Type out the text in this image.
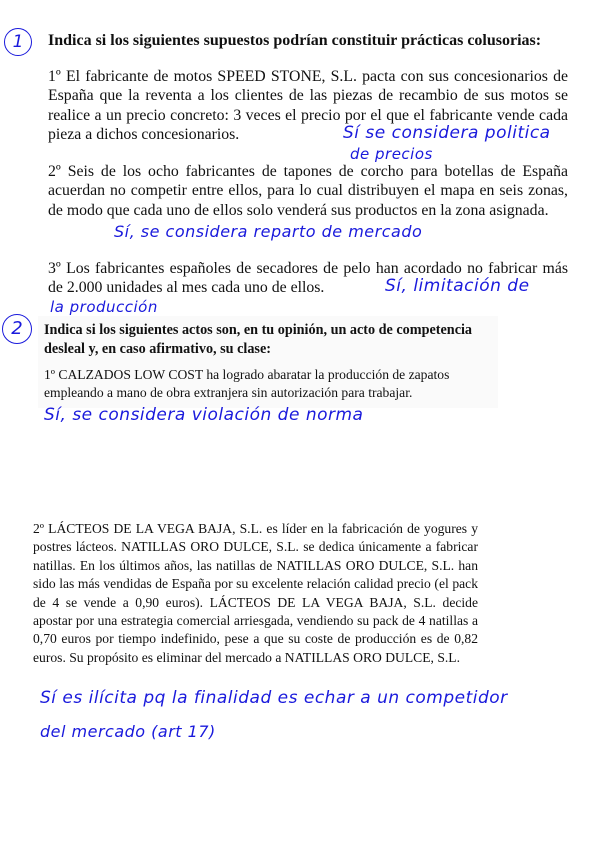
1	Indica si los siguientes supuestos podrían constituir prácticas colusorias:

1º El fabricante de motos SPEED STONE, S.L. pacta con sus concesionarios de España que la reventa a los clientes de las piezas de recambio de sus motos se realice a un precio concreto: 3 veces el precio por el que el fabricante vende cada pieza a dichos concesionarios.	Sí se considera politica
de precios

2º Seis de los ocho fabricantes de tapones de corcho para botellas de España acuerdan no competir entre ellos, para lo cual distribuyen el mapa en seis zonas, de modo que cada uno de ellos solo venderá sus productos en la zona asignada.

Sí, se considera reparto de mercado

3º Los fabricantes españoles de secadores de pelo han acordado no fabricar más de 2.000 unidades al mes cada uno de ellos.	Sí, limitación de
la producción
2	Indica si los siguientes actos son, en tu opinión, un acto de competencia desleal y, en caso afirmativo, su clase:

1º CALZADOS LOW COST ha logrado abaratar la producción de zapatos empleando a mano de obra extranjera sin autorización para trabajar.

Sí, se considera violación de norma

2º LÁCTEOS DE LA VEGA BAJA, S.L. es líder en la fabricación de yogures y postres lácteos. NATILLAS ORO DULCE, S.L. se dedica únicamente a fabricar natillas. En los últimos años, las natillas de NATILLAS ORO DULCE, S.L. han sido las más vendidas de España por su excelente relación calidad precio (el pack de 4 se vende a 0,90 euros). LÁCTEOS DE LA VEGA BAJA, S.L. decide apostar por una estrategia comercial arriesgada, vendiendo su pack de 4 natillas a 0,70 euros por tiempo indefinido, pese a que su coste de producción es de 0,82 euros. Su propósito es eliminar del mercado a NATILLAS ORO DULCE, S.L.

Sí es ilícita pq la finalidad es echar a un competidor
del mercado (art 17)
